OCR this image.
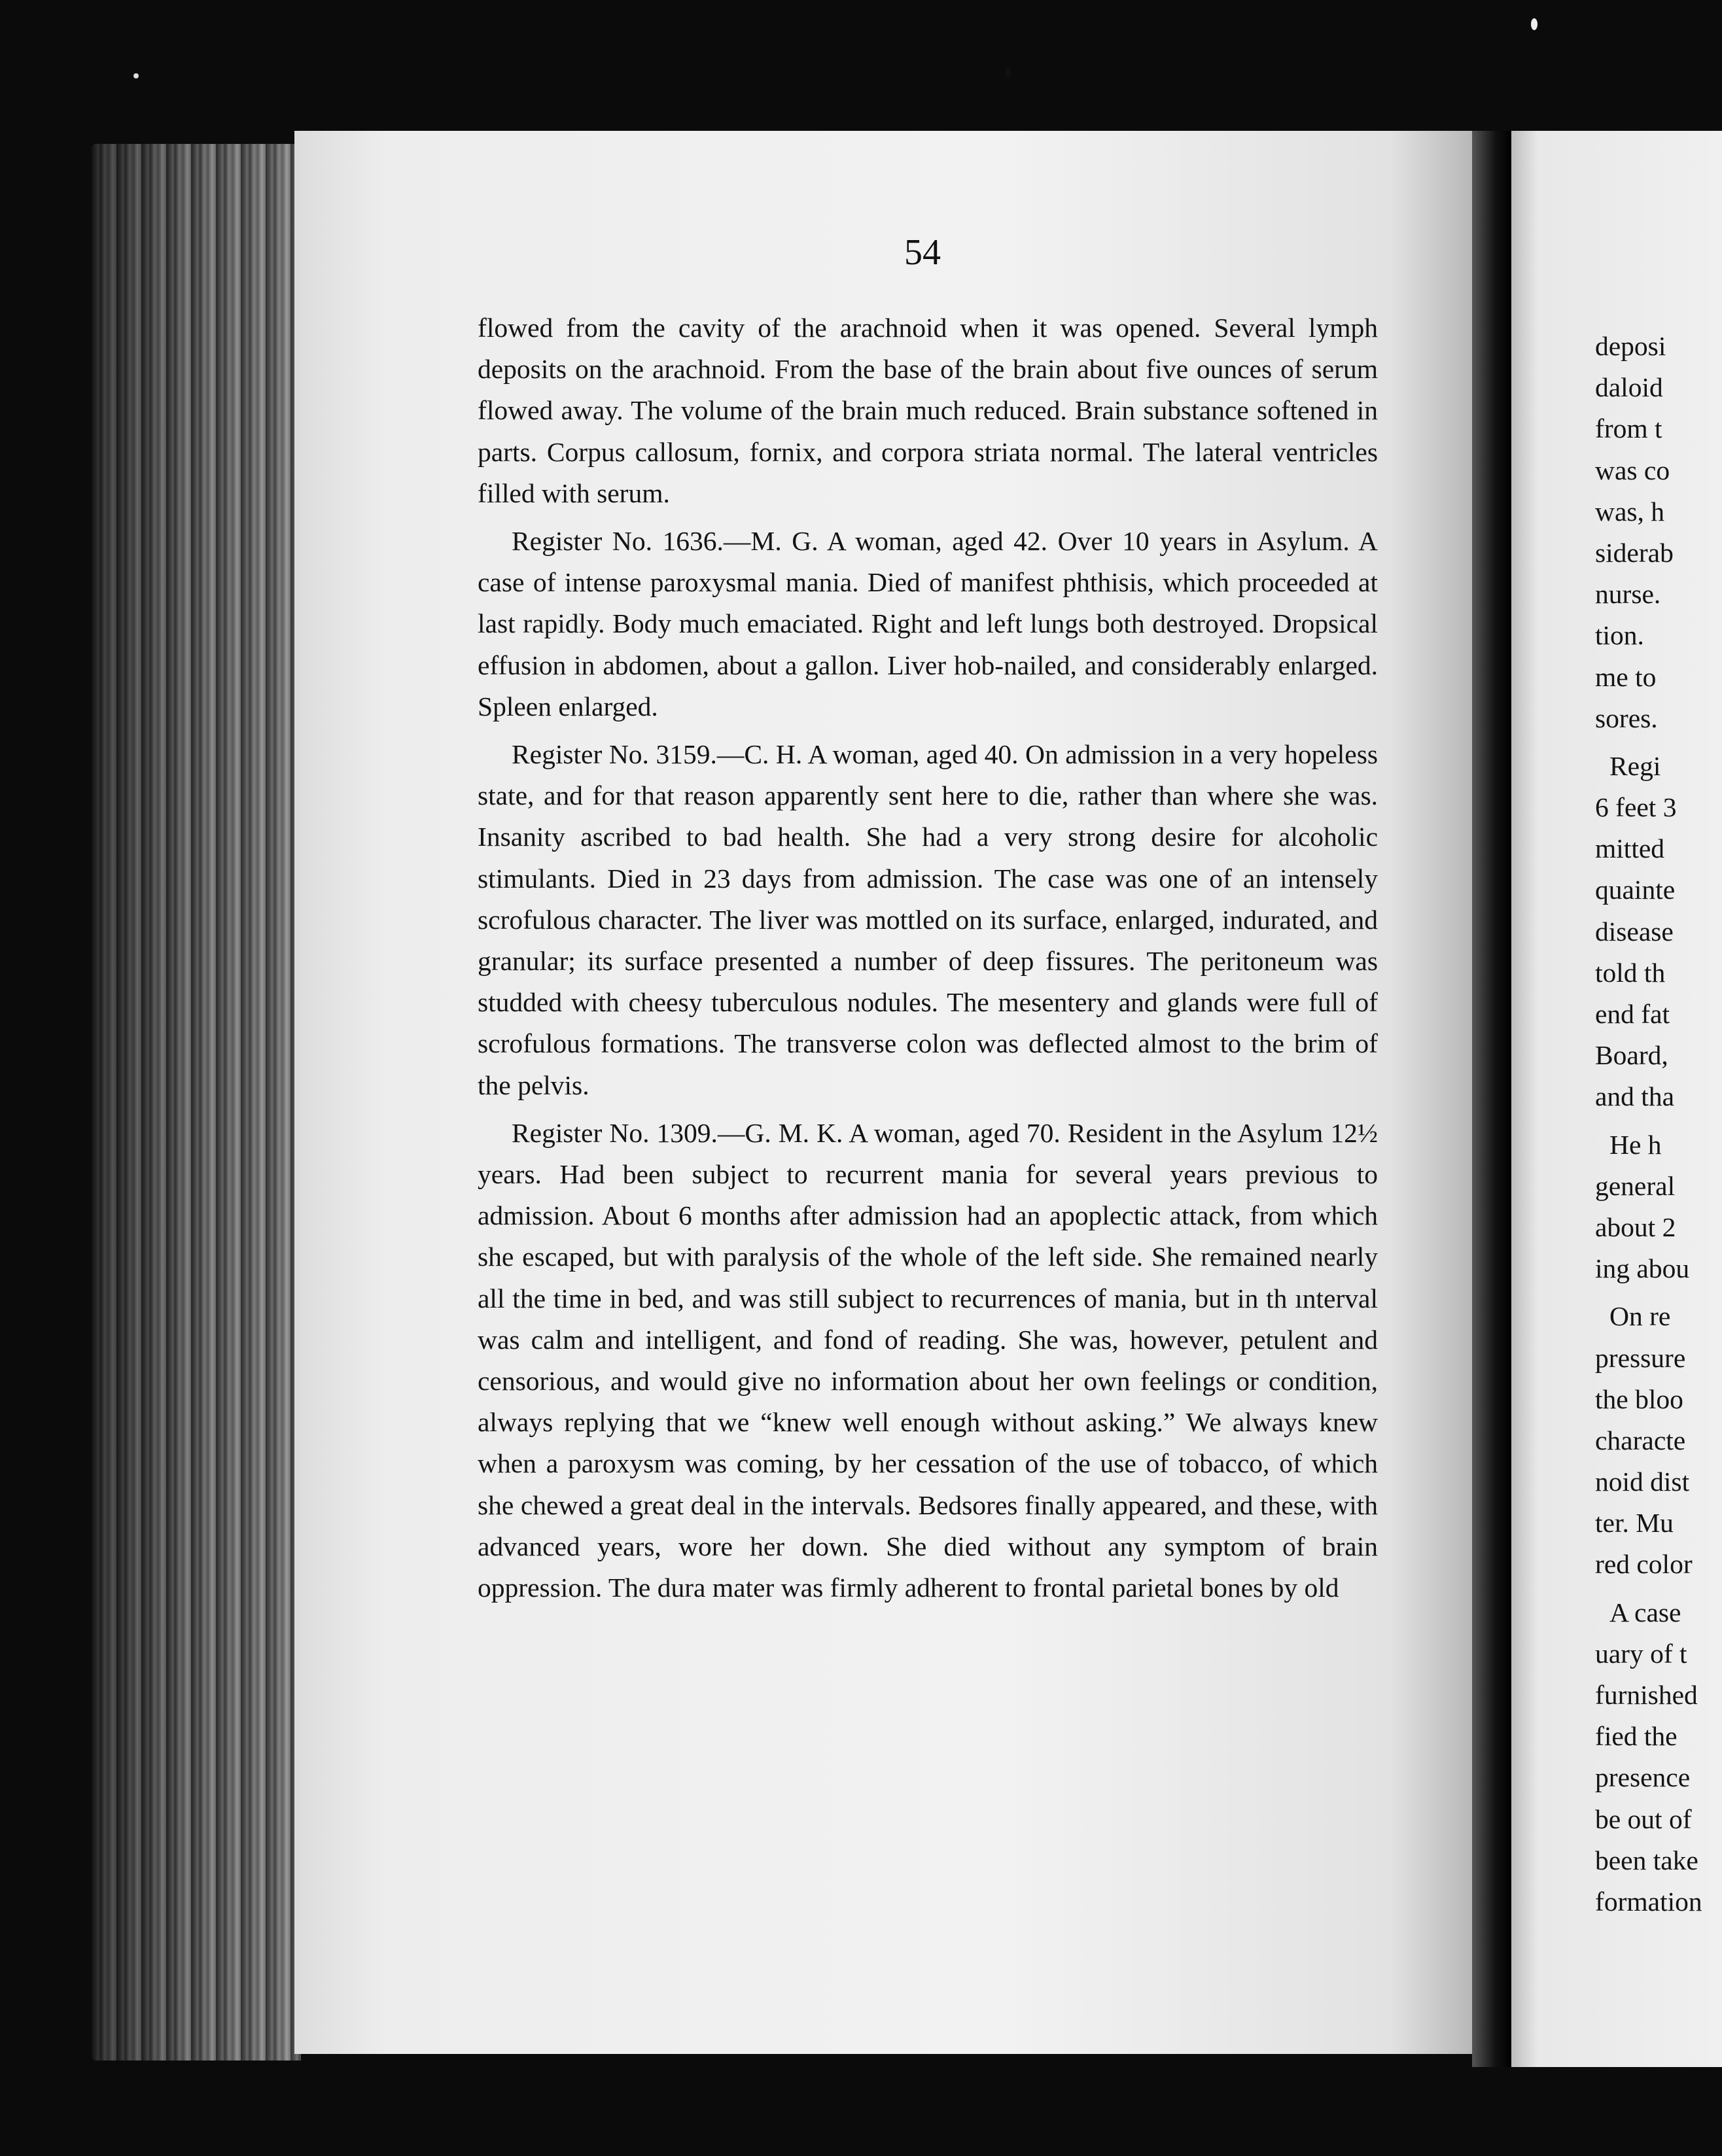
54

flowed from the cavity of the arachnoid when it was opened. Several lymph deposits on the arachnoid. From the base of the brain about five ounces of serum flowed away. The volume of the brain much reduced. Brain substance softened in parts. Corpus callosum, fornix, and corpora striata normal. The lateral ventricles filled with serum.

Register No. 1636.—M. G. A woman, aged 42. Over 10 years in Asylum. A case of intense paroxysmal mania. Died of manifest phthisis, which proceeded at last rapidly. Body much emaciated. Right and left lungs both destroyed. Dropsical effusion in abdomen, about a gallon. Liver hob-nailed, and considerably enlarged. Spleen enlarged.

Register No. 3159.—C. H. A woman, aged 40. On admission in a very hopeless state, and for that reason apparently sent here to die, rather than where she was. Insanity ascribed to bad health. She had a very strong desire for alcoholic stimulants. Died in 23 days from admission. The case was one of an intensely scrofulous character. The liver was mottled on its surface, enlarged, indurated, and granular; its surface presented a number of deep fissures. The peritoneum was studded with cheesy tuberculous nodules. The mesentery and glands were full of scrofulous formations. The transverse colon was deflected almost to the brim of the pelvis.

Register No. 1309.—G. M. K. A woman, aged 70. Resident in the Asylum 12½ years. Had been subject to recurrent mania for several years previous to admission. About 6 months after admission had an apoplectic attack, from which she escaped, but with paralysis of the whole of the left side. She remained nearly all the time in bed, and was still subject to recurrences of mania, but in th ınterval was calm and intelligent, and fond of reading. She was, however, petulent and censorious, and would give no information about her own feelings or condition, always replying that we “knew well enough without asking.” We always knew when a paroxysm was coming, by her cessation of the use of tobacco, of which she chewed a great deal in the intervals. Bedsores finally appeared, and these, with advanced years, wore her down. She died without any symptom of brain oppression. The dura mater was firmly adherent to frontal parietal bones by old

deposi
daloid
from t
was co
was, h
siderab
nurse.
tion.
me to
sores.
Regi
6 feet 3
mitted
quainte
disease
told th
end fat
Board,
and tha
He h
general
about 2
ing abou
On re
pressure
the bloo
characte
noid dist
ter. Mu
red color
A case
uary of t
furnished
fied the
presence
be out of
been take
formation
